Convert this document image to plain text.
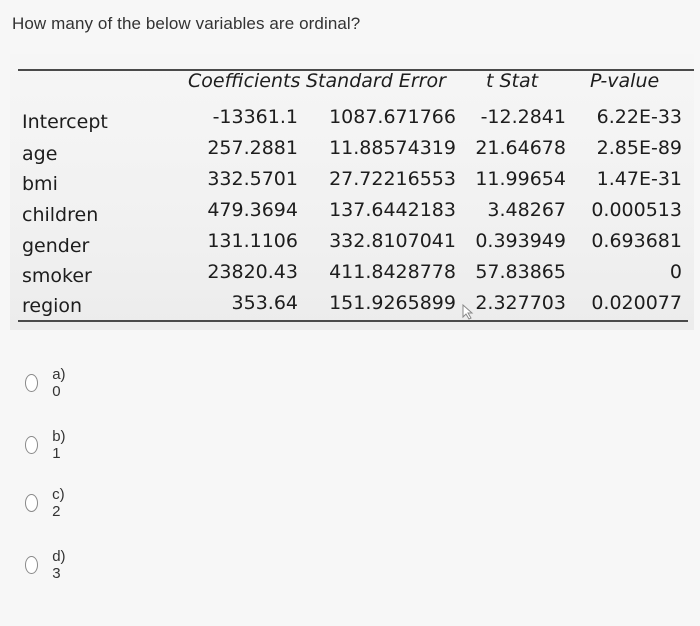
How many of the below variables are ordinal?
Coefficients Standard Error t Stat	P-value
Intercept	-13361.1 1087.671766 -12.2841 6.22E-33
age	257.2881 11.88574319 21.64678 2.85E-89
bmi	332.5701 27.72216553 11.99654 1.47E-31
children	479.3694 137.6442183 3.48267 0.000513
gender	131.1106 332.8107041 0.393949 0.693681
smoker	23820.43 411.8428778 57.83865	0
region	353.64 151.9265899 2.327703 0.020077
a) 0
b) 1
c) 2
d) 3
